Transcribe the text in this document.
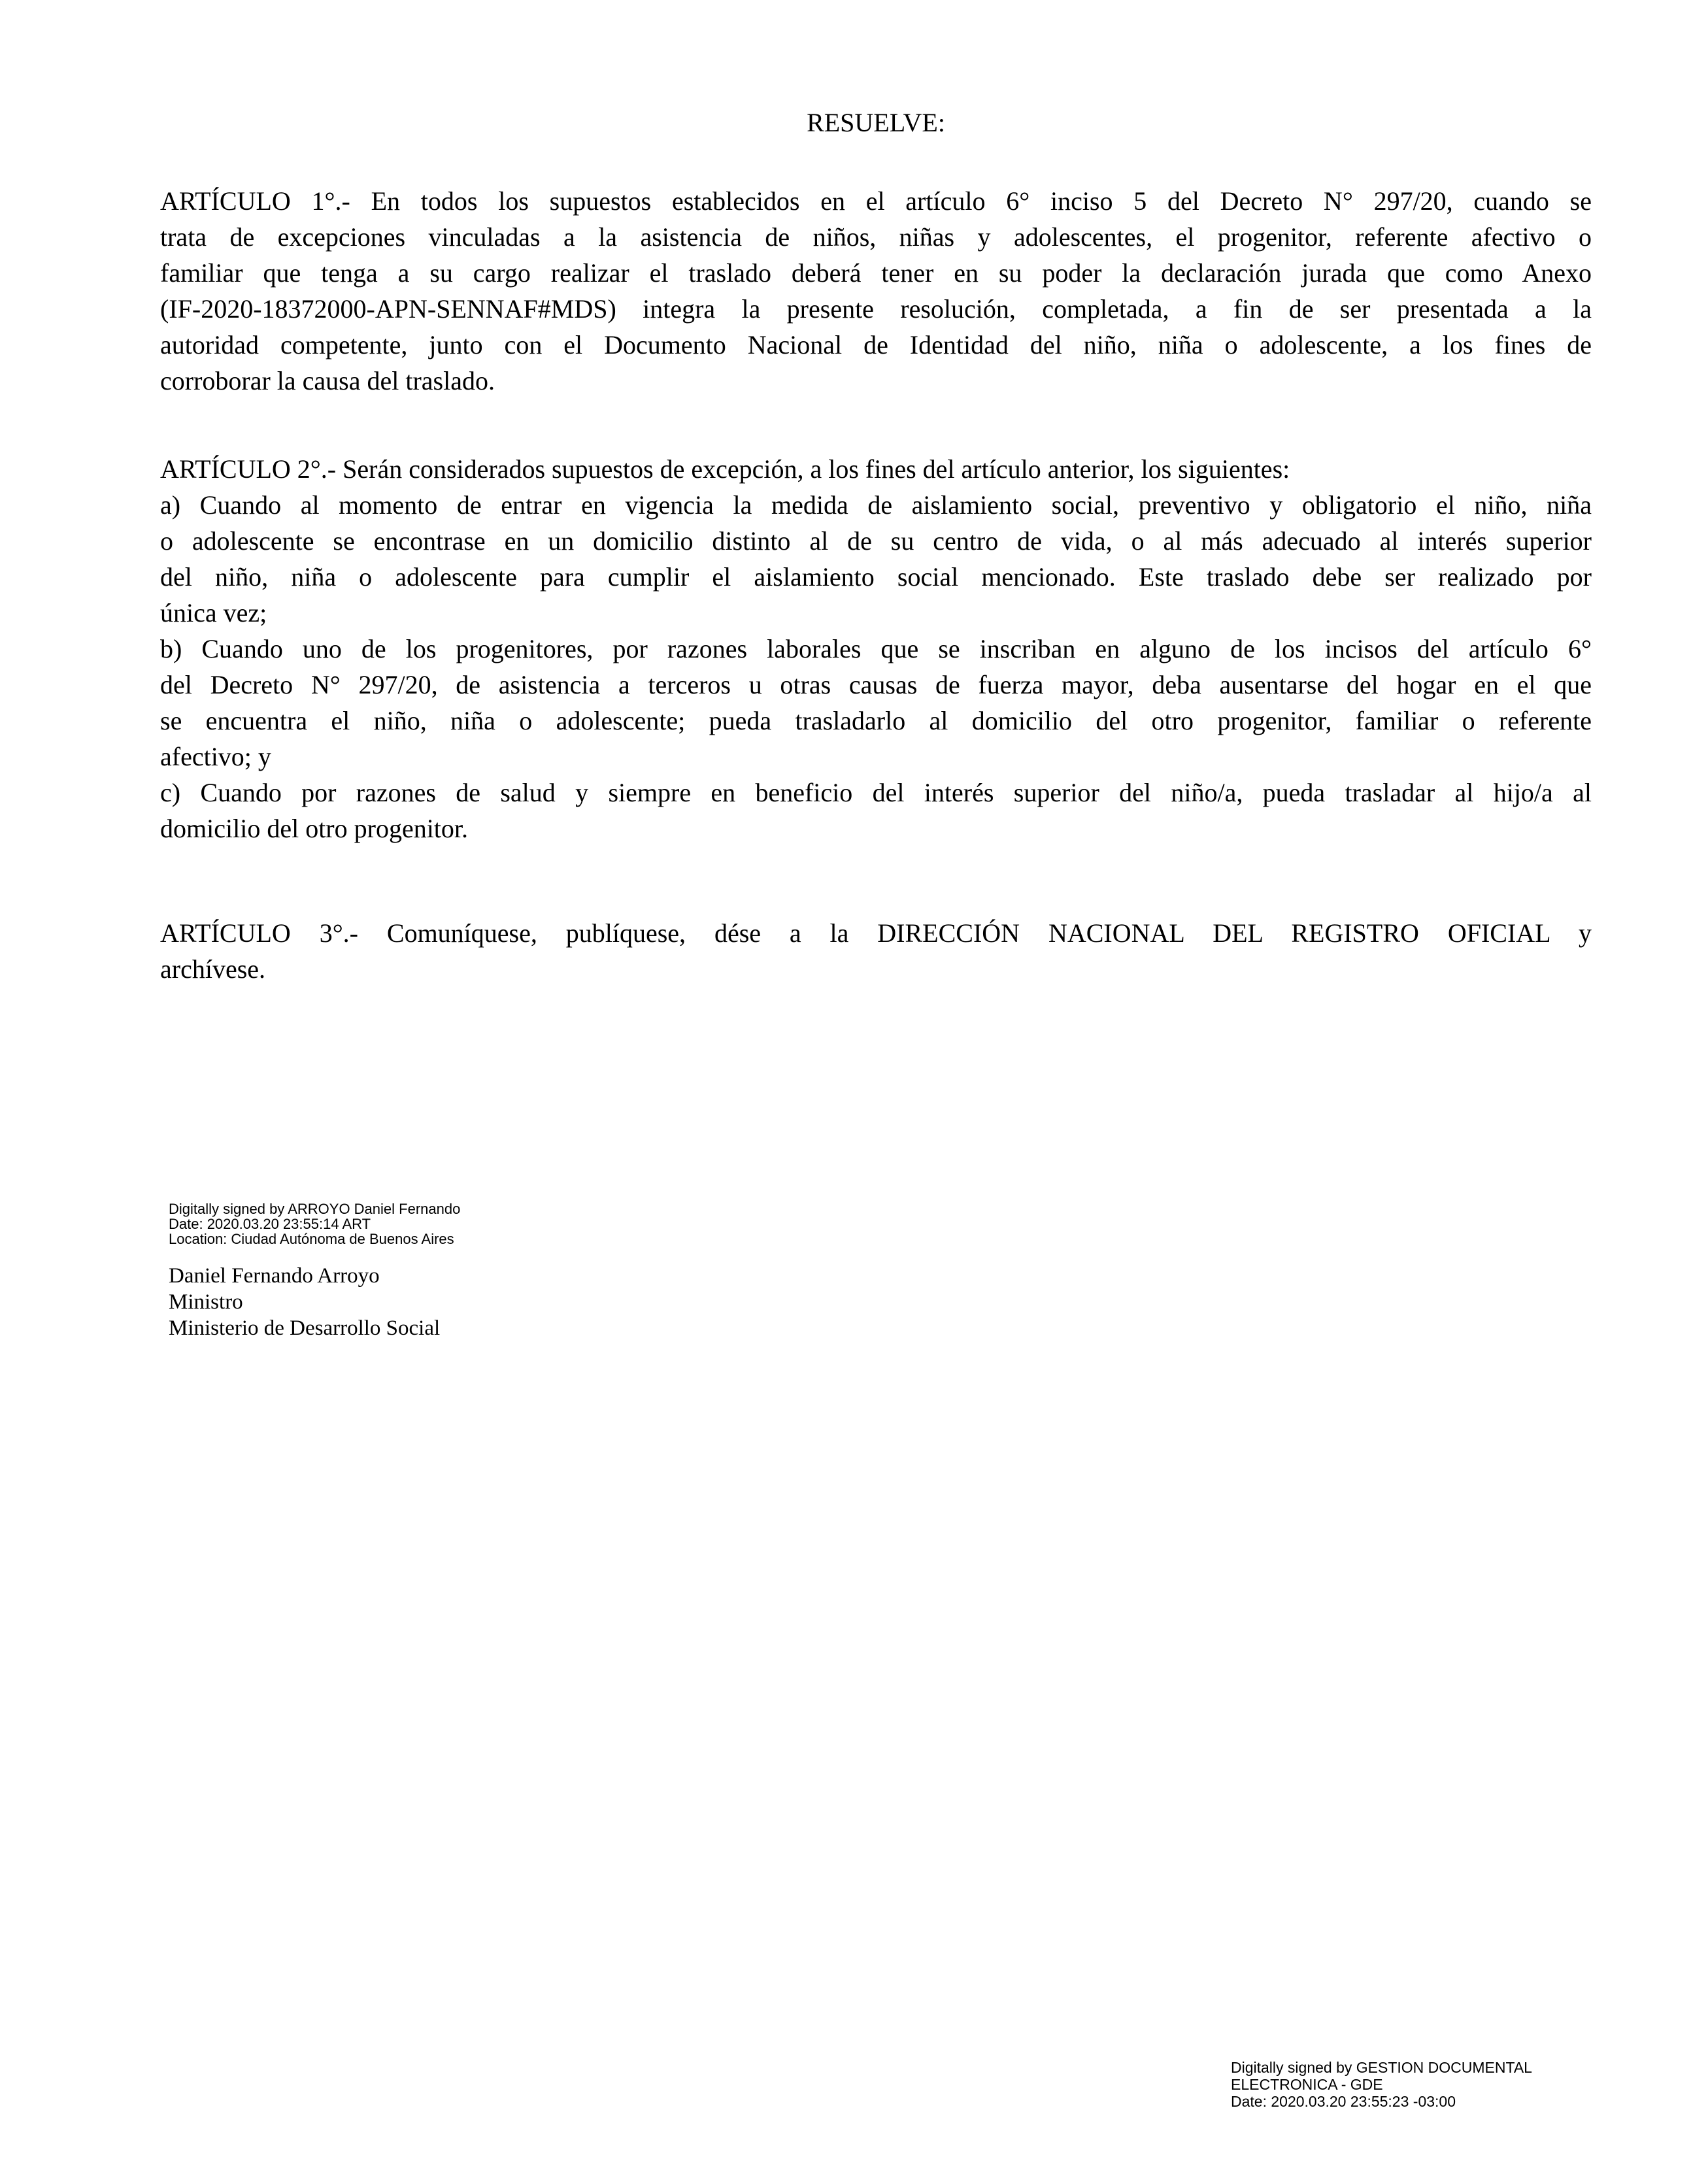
RESUELVE:
ARTÍCULO 1°.- En todos los supuestos establecidos en el artículo 6° inciso 5 del Decreto N° 297/20, cuando se
trata de excepciones vinculadas a la asistencia de niños, niñas y adolescentes, el progenitor, referente afectivo o
familiar que tenga a su cargo realizar el traslado deberá tener en su poder la declaración jurada que como Anexo
(IF-2020-18372000-APN-SENNAF#MDS) integra la presente resolución, completada, a fin de ser presentada a la
autoridad competente, junto con el Documento Nacional de Identidad del niño, niña o adolescente, a los fines de
corroborar la causa del traslado.
ARTÍCULO 2°.- Serán considerados supuestos de excepción, a los fines del artículo anterior, los siguientes:
a) Cuando al momento de entrar en vigencia la medida de aislamiento social, preventivo y obligatorio el niño, niña
o adolescente se encontrase en un domicilio distinto al de su centro de vida, o al más adecuado al interés superior
del niño, niña o adolescente para cumplir el aislamiento social mencionado. Este traslado debe ser realizado por
única vez;
b) Cuando uno de los progenitores, por razones laborales que se inscriban en alguno de los incisos del artículo 6°
del Decreto N° 297/20, de asistencia a terceros u otras causas de fuerza mayor, deba ausentarse del hogar en el que
se encuentra el niño, niña o adolescente; pueda trasladarlo al domicilio del otro progenitor, familiar o referente
afectivo; y
c) Cuando por razones de salud y siempre en beneficio del interés superior del niño/a, pueda trasladar al hijo/a al
domicilio del otro progenitor.
ARTÍCULO 3°.- Comuníquese, publíquese, dése a la DIRECCIÓN NACIONAL DEL REGISTRO OFICIAL y
archívese.
Digitally signed by ARROYO Daniel Fernando
Date: 2020.03.20 23:55:14 ART
Location: Ciudad Autónoma de Buenos Aires
Daniel Fernando Arroyo
Ministro
Ministerio de Desarrollo Social
Digitally signed by GESTION DOCUMENTAL
ELECTRONICA - GDE
Date: 2020.03.20 23:55:23 -03:00
